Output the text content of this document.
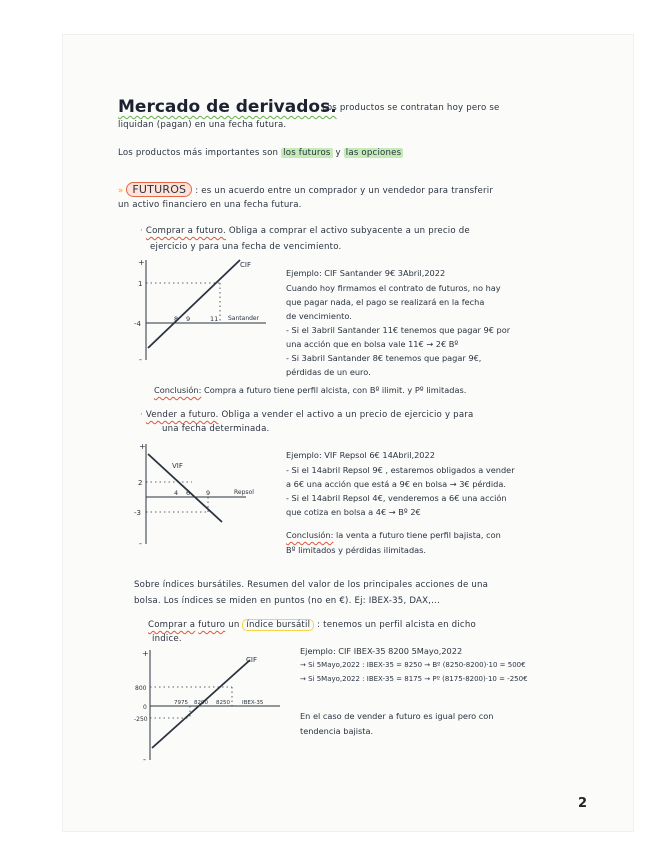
Mercado de derivados.
Los productos se contratan hoy pero se
liquidan (pagan) en una fecha futura.
Los productos más importantes son los futuros y las opciones
» FUTUROS : es un acuerdo entre un comprador y un vendedor para transferir
un activo financiero en una fecha futura.
· Comprar a futuro. Obliga a comprar el activo subyacente a un precio de
ejercicio y para una fecha de vencimiento.
+
-
1
-4
8 9	11 Santander
CIF
Ejemplo: CIF Santander 9€ 3Abril,2022
Cuando hoy firmamos el contrato de futuros, no hay
que pagar nada, el pago se realizará en la fecha
de vencimiento.
- Si el 3abril Santander 11€ tenemos que pagar 9€ por
una acción que en bolsa vale 11€ → 2€ Bº
- Si 3abril Santander 8€ tenemos que pagar 9€,
pérdidas de un euro.
Conclusión: Compra a futuro tiene perfil alcista, con Bº ilimit. y Pº limitadas.
· Vender a futuro. Obliga a vender el activo a un precio de ejercicio y para
una fecha determinada.
+
-
2
-3
4 6 9	Repsol
VIF
Ejemplo: VIF Repsol 6€ 14Abril,2022
- Si el 14abril Repsol 9€ , estaremos obligados a vender
a 6€ una acción que está a 9€ en bolsa → 3€ pérdida.
- Si el 14abril Repsol 4€, venderemos a 6€ una acción
que cotiza en bolsa a 4€ → Bº 2€
Conclusión: la venta a futuro tiene perfil bajista, con
Bº limitados y pérdidas ilimitadas.
Sobre índices bursátiles. Resumen del valor de los principales acciones de una
bolsa. Los índices se miden en puntos (no en €). Ej: IBEX-35, DAX,...
Comprar a futuro un índice bursátil : tenemos un perfil alcista en dicho
índice.
+
-
800
0
-250
7975 8200 8250 IBEX-35
CIF
Ejemplo: CIF IBEX-35 8200 5Mayo,2022
→ Si 5Mayo,2022 : IBEX-35 = 8250 → Bº (8250-8200)·10 = 500€
→ Si 5Mayo,2022 : IBEX-35 = 8175 → Pº (8175-8200)·10 = -250€
En el caso de vender a futuro es igual pero con
tendencia bajista.
2
